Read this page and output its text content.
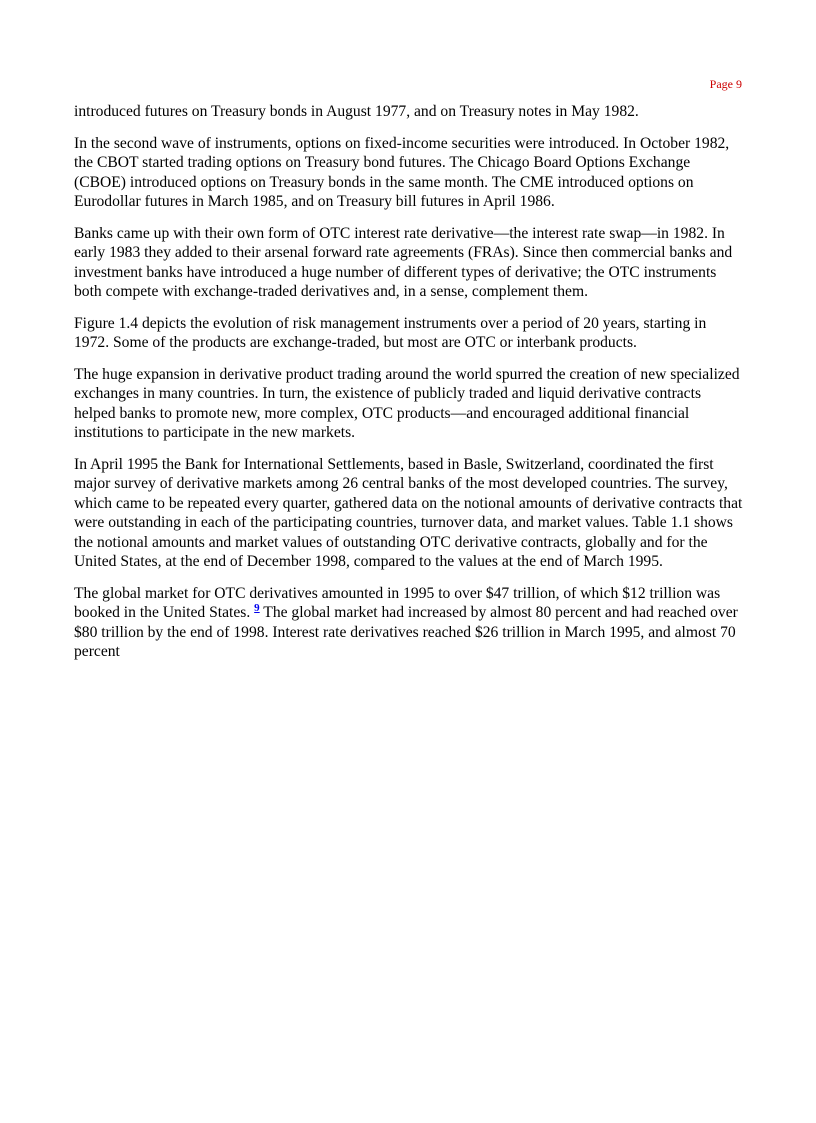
Page 9

introduced futures on Treasury bonds in August 1977, and on Treasury notes in May 1982.

In the second wave of instruments, options on fixed-income securities were introduced. In October 1982, the CBOT started trading options on Treasury bond futures. The Chicago Board Options Exchange (CBOE) introduced options on Treasury bonds in the same month. The CME introduced options on Eurodollar futures in March 1985, and on Treasury bill futures in April 1986.

Banks came up with their own form of OTC interest rate derivative—the interest rate swap—in 1982. In early 1983 they added to their arsenal forward rate agreements (FRAs). Since then commercial banks and investment banks have introduced a huge number of different types of derivative; the OTC instruments both compete with exchange-traded derivatives and, in a sense, complement them.

Figure 1.4 depicts the evolution of risk management instruments over a period of 20 years, starting in 1972. Some of the products are exchange-traded, but most are OTC or interbank products.

The huge expansion in derivative product trading around the world spurred the creation of new specialized exchanges in many countries. In turn, the existence of publicly traded and liquid derivative contracts helped banks to promote new, more complex, OTC products—and encouraged additional financial institutions to participate in the new markets.

In April 1995 the Bank for International Settlements, based in Basle, Switzerland, coordinated the first major survey of derivative markets among 26 central banks of the most developed countries. The survey, which came to be repeated every quarter, gathered data on the notional amounts of derivative contracts that were outstanding in each of the participating countries, turnover data, and market values. Table 1.1 shows the notional amounts and market values of outstanding OTC derivative contracts, globally and for the United States, at the end of December 1998, compared to the values at the end of March 1995.

The global market for OTC derivatives amounted in 1995 to over $47 trillion, of which $12 trillion was booked in the United States. $^9$ The global market had increased by almost 80 percent and had reached over $80 trillion by the end of 1998. Interest rate derivatives reached $26 trillion in March 1995, and almost 70 percent
